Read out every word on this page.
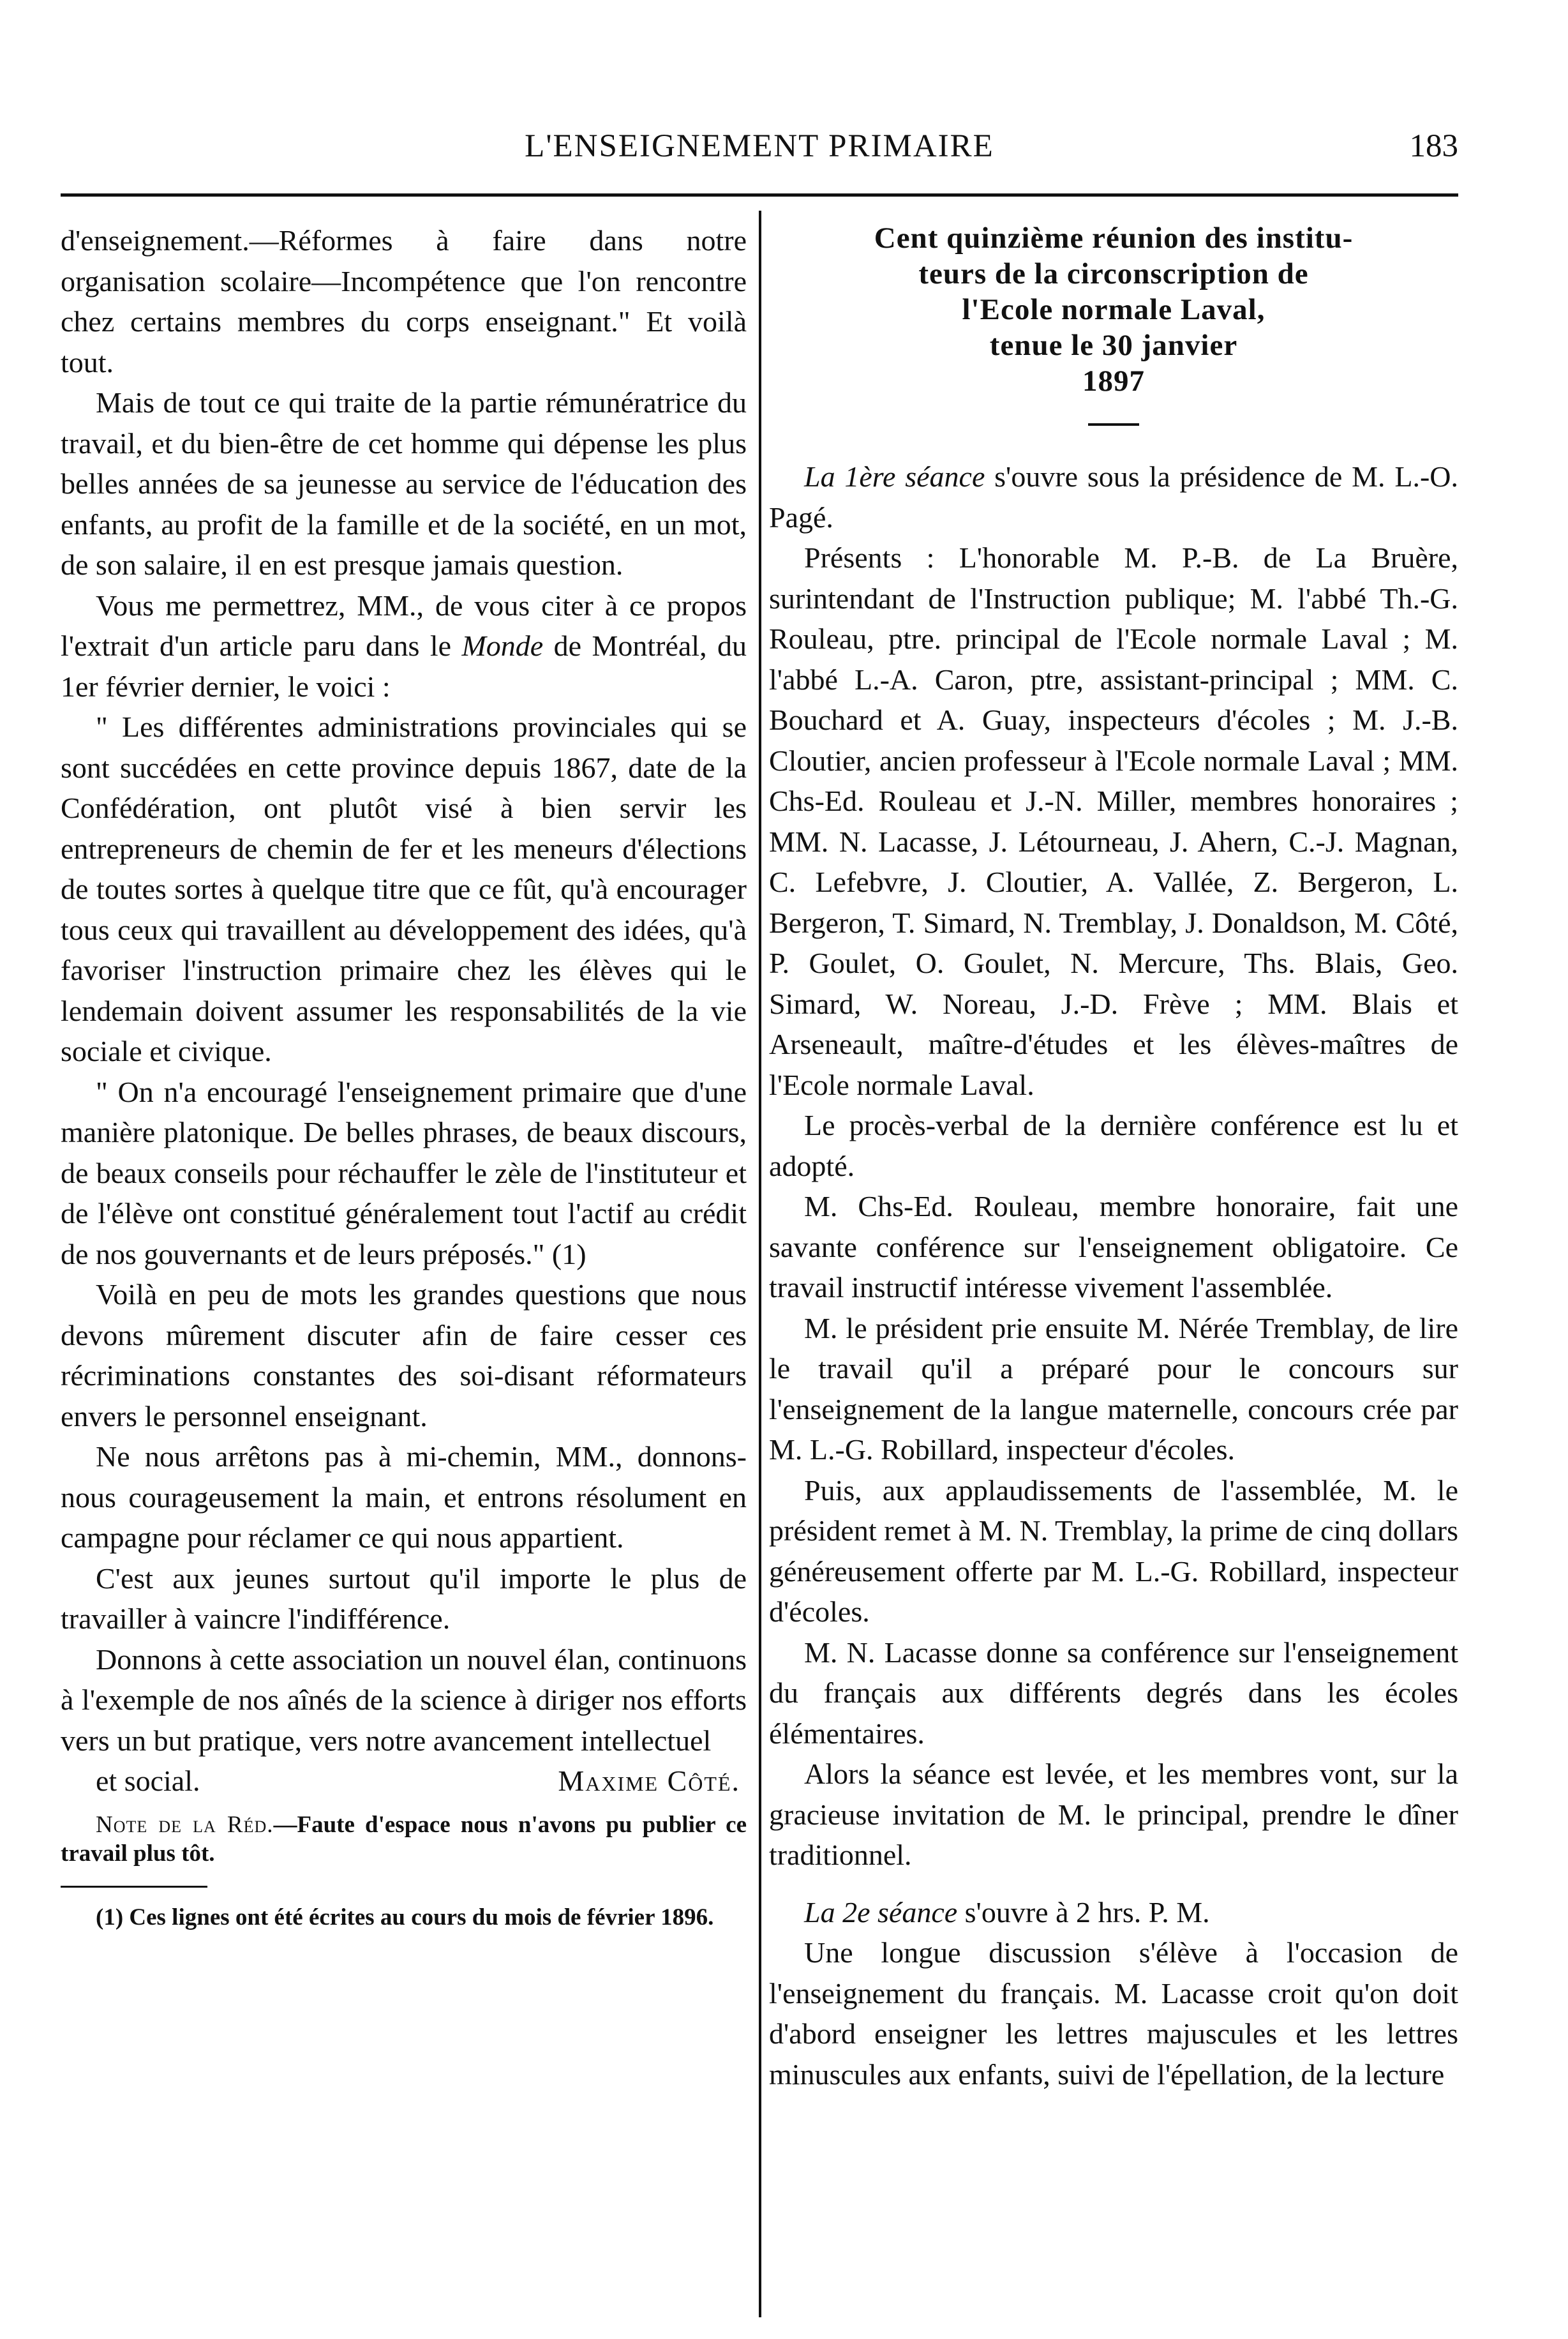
L'ENSEIGNEMENT PRIMAIRE	183

d'enseignement.—Réformes à faire dans notre organisation scolaire—Incompétence que l'on rencontre chez certains membres du corps enseignant." Et voilà tout.

Mais de tout ce qui traite de la partie rémunératrice du travail, et du bien-être de cet homme qui dépense les plus belles années de sa jeunesse au service de l'éducation des enfants, au profit de la famille et de la société, en un mot, de son salaire, il en est presque jamais question.

Vous me permettrez, MM., de vous citer à ce propos l'extrait d'un article paru dans le Monde de Montréal, du 1er février dernier, le voici :

" Les différentes administrations provinciales qui se sont succédées en cette province depuis 1867, date de la Confédération, ont plutôt visé à bien servir les entrepreneurs de chemin de fer et les meneurs d'élections de toutes sortes à quelque titre que ce fût, qu'à encourager tous ceux qui travaillent au développement des idées, qu'à favoriser l'instruction primaire chez les élèves qui le lendemain doivent assumer les responsabilités de la vie sociale et civique.

" On n'a encouragé l'enseignement primaire que d'une manière platonique. De belles phrases, de beaux discours, de beaux conseils pour réchauffer le zèle de l'instituteur et de l'élève ont constitué généralement tout l'actif au crédit de nos gouvernants et de leurs préposés." (1)

Voilà en peu de mots les grandes questions que nous devons mûrement discuter afin de faire cesser ces récriminations constantes des soi-disant réformateurs envers le personnel enseignant.

Ne nous arrêtons pas à mi-chemin, MM., donnons-nous courageusement la main, et entrons résolument en campagne pour réclamer ce qui nous appartient.

C'est aux jeunes surtout qu'il importe le plus de travailler à vaincre l'indifférence.

Donnons à cette association un nouvel élan, continuons à l'exemple de nos aînés de la science à diriger nos efforts vers un but pratique, vers notre avancement intellectuel

et social.	Maxime Côté.

Note de la Réd.—Faute d'espace nous n'avons pu publier ce travail plus tôt.
(1) Ces lignes ont été écrites au cours du mois de février 1896.
Cent quinzième réunion des institu-
teurs de la circonscription de
l'Ecole normale Laval,
tenue le 30 janvier
1897

La 1ère séance s'ouvre sous la présidence de M. L.-O. Pagé.

Présents : L'honorable M. P.-B. de La Bruère, surintendant de l'Instruction publique; M. l'abbé Th.-G. Rouleau, ptre. principal de l'Ecole normale Laval ; M. l'abbé L.-A. Caron, ptre, assistant-principal ; MM. C. Bouchard et A. Guay, inspecteurs d'écoles ; M. J.-B. Cloutier, ancien professeur à l'Ecole normale Laval ; MM. Chs-Ed. Rouleau et J.-N. Miller, membres honoraires ; MM. N. Lacasse, J. Létourneau, J. Ahern, C.-J. Magnan, C. Lefebvre, J. Cloutier, A. Vallée, Z. Bergeron, L. Bergeron, T. Simard, N. Tremblay, J. Donaldson, M. Côté, P. Goulet, O. Goulet, N. Mercure, Ths. Blais, Geo. Simard, W. Noreau, J.-D. Frève ; MM. Blais et Arseneault, maître-d'études et les élèves-maîtres de l'Ecole normale Laval.

Le procès-verbal de la dernière conférence est lu et adopté.

M. Chs-Ed. Rouleau, membre honoraire, fait une savante conférence sur l'enseignement obligatoire. Ce travail instructif intéresse vivement l'assemblée.

M. le président prie ensuite M. Nérée Tremblay, de lire le travail qu'il a préparé pour le concours sur l'enseignement de la langue maternelle, concours crée par M. L.-G. Robillard, inspecteur d'écoles.

Puis, aux applaudissements de l'assemblée, M. le président remet à M. N. Tremblay, la prime de cinq dollars généreusement offerte par M. L.-G. Robillard, inspecteur d'écoles.

M. N. Lacasse donne sa conférence sur l'enseignement du français aux différents degrés dans les écoles élémentaires.

Alors la séance est levée, et les membres vont, sur la gracieuse invitation de M. le principal, prendre le dîner traditionnel.

La 2e séance s'ouvre à 2 hrs. P. M.

Une longue discussion s'élève à l'occasion de l'enseignement du français. M. Lacasse croit qu'on doit d'abord enseigner les lettres majuscules et les lettres minuscules aux enfants, suivi de l'épellation, de la lecture
